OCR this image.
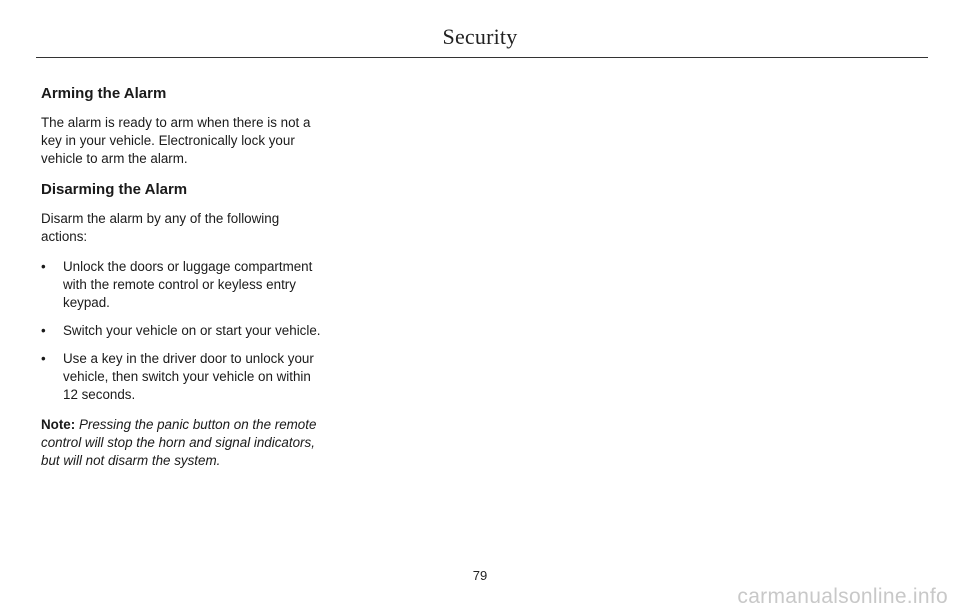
Security
Arming the Alarm

The alarm is ready to arm when there is not a key in your vehicle. Electronically lock your vehicle to arm the alarm.

Disarming the Alarm

Disarm the alarm by any of the following actions:

• Unlock the doors or luggage compartment with the remote control or keyless entry keypad.
• Switch your vehicle on or start your vehicle.
• Use a key in the driver door to unlock your vehicle, then switch your vehicle on within 12 seconds.

Note: Pressing the panic button on the remote control will stop the horn and signal indicators, but will not disarm the system.

79
carmanualsonline.info
